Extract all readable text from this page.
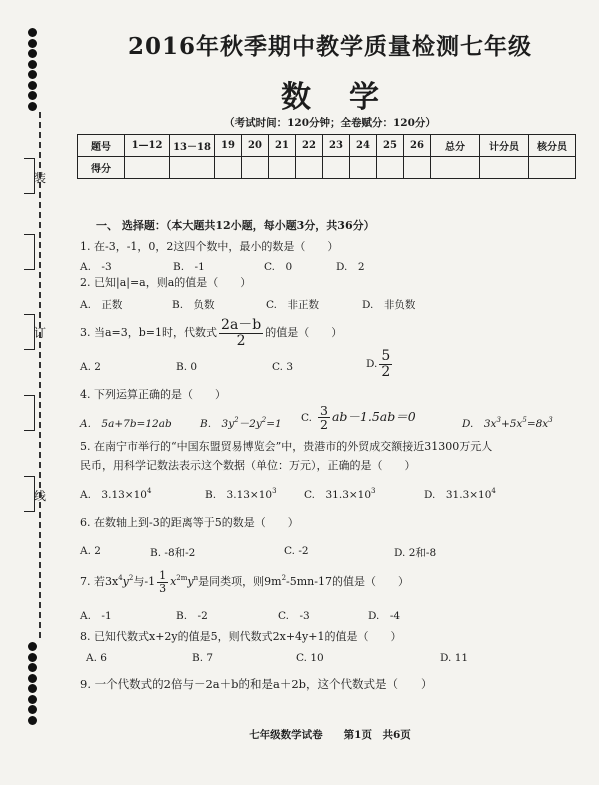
装
订
线
2016年秋季期中教学质量检测七年级
数学
（考试时间：120分钟；全卷赋分：120分）
题号	1—12	13－18	19	20	21	22	23	24	25	26	总分	计分员	核分员
得分													
一、 选择题：（本大题共12小题，每小题3分，共36分）
1. 在-3，-1，0，2这四个数中，最小的数是（　　）
A.　-3	B.　-1	C.　0	D.　2
2. 已知|a|=a，则a的值是（　　）
A.　正数	B.　负数	C.　非正数	D.　非负数
3. 当a=3，b=1时，代数式 $\frac{2a-b}{2}$ 的值是（　　）
A. 2	B. 0	C. 3	D. $\frac{5}{2}$
4. 下列运算正确的是（　　）
A.　5a+7b=12ab	B.　$3y^2-2y^2=1$ C. $\frac{3}{2} ab-1.5ab=0$	D.　$3x^3+5x^5=8x^3$
5. 在南宁市举行的“中国东盟贸易博览会”中，贵港市的外贸成交额接近31300万元人
民币，用科学记数法表示这个数据（单位：万元），正确的是（　　）
A.　$3.13\times 10^4$	B.　$3.13\times 10^3$	C.　$31.3\times 10^3$	D.　$31.3\times 10^4$
6. 在数轴上到-3的距离等于5的数是（　　）
A. 2	B. -8和-2	C. -2	D. 2和-8
7. 若$3x^4y^2$与$-1 \frac{1}{3} x^{2m}y^n$是同类项，则$9m^2-5mn-17$的值是（　　）
A.　-1	B.　-2	C.　-3	D.　-4
8. 已知代数式x+2y的值是5，则代数式2x+4y+1的值是（　　）
A. 6	B. 7	C. 10	D. 11
9. 一个代数式的2倍与－2a＋b的和是a＋2b，这个代数式是（　　）
七年级数学试卷　　第1页　共6页
